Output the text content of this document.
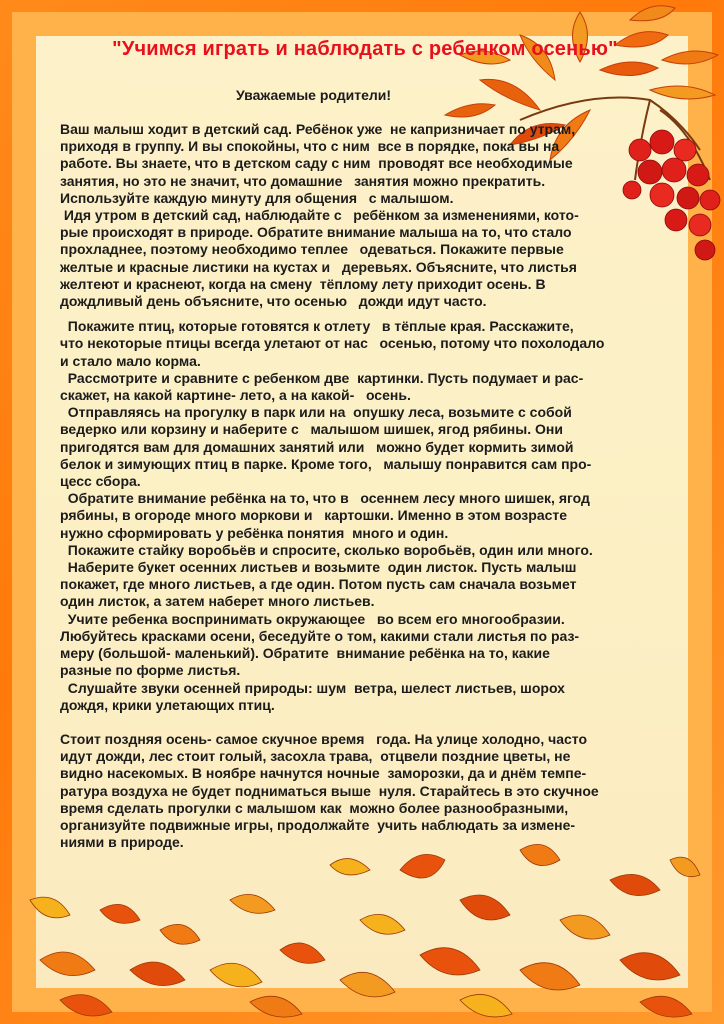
"Учимся играть и наблюдать с ребенком осенью"
Уважаемые родители!
Ваш малыш ходит в детский сад. Ребёнок уже  не капризничает по утрам,
приходя в группу. И вы спокойны, что с ним  все в порядке, пока вы на
работе. Вы знаете, что в детском саду с ним  проводят все необходимые
занятия, но это не значит, что домашние   занятия можно прекратить.
Используйте каждую минуту для общения   с малышом.
Идя утром в детский сад, наблюдайте с   ребёнком за изменениями, кото-
рые происходят в природе. Обратите внимание малыша на то, что стало
прохладнее, поэтому необходимо теплее   одеваться. Покажите первые
желтые и красные листики на кустах и   деревьях. Объясните, что листья
желтеют и краснеют, когда на смену  тёплому лету приходит осень. В
дождливый день объясните, что осенью   дожди идут часто.
Покажите птиц, которые готовятся к отлету   в тёплые края. Расскажите,
что некоторые птицы всегда улетают от нас   осенью, потому что похолодало
и стало мало корма.
Рассмотрите и сравните с ребенком две  картинки. Пусть подумает и рас-
скажет, на какой картине- лето, а на какой-   осень.
Отправляясь на прогулку в парк или на  опушку леса, возьмите с собой
ведерко или корзину и наберите с   малышом шишек, ягод рябины. Они
пригодятся вам для домашних занятий или   можно будет кормить зимой
белок и зимующих птиц в парке. Кроме того,   малышу понравится сам про-
цесс сбора.
Обратите внимание ребёнка на то, что в   осеннем лесу много шишек, ягод
рябины, в огороде много моркови и   картошки. Именно в этом возрасте
нужно сформировать у ребёнка понятия  много и один.
Покажите стайку воробьёв и спросите, сколько воробьёв, один или много.
Наберите букет осенних листьев и возьмите  один листок. Пусть малыш
покажет, где много листьев, а где один. Потом пусть сам сначала возьмет
один листок, а затем наберет много листьев.
Учите ребенка воспринимать окружающее   во всем его многообразии.
Любуйтесь красками осени, беседуйте о том, какими стали листья по раз-
меру (большой- маленький). Обратите  внимание ребёнка на то, какие
разные по форме листья.
Слушайте звуки осенней природы: шум  ветра, шелест листьев, шорох
дождя, крики улетающих птиц.
Стоит поздняя осень- самое скучное время   года. На улице холодно, часто
идут дожди, лес стоит голый, засохла трава,  отцвели поздние цветы, не
видно насекомых. В ноябре начнутся ночные  заморозки, да и днём темпе-
ратура воздуха не будет подниматься выше  нуля. Старайтесь в это скучное
время сделать прогулки с малышом как  можно более разнообразными,
организуйте подвижные игры, продолжайте  учить наблюдать за измене-
ниями в природе.
